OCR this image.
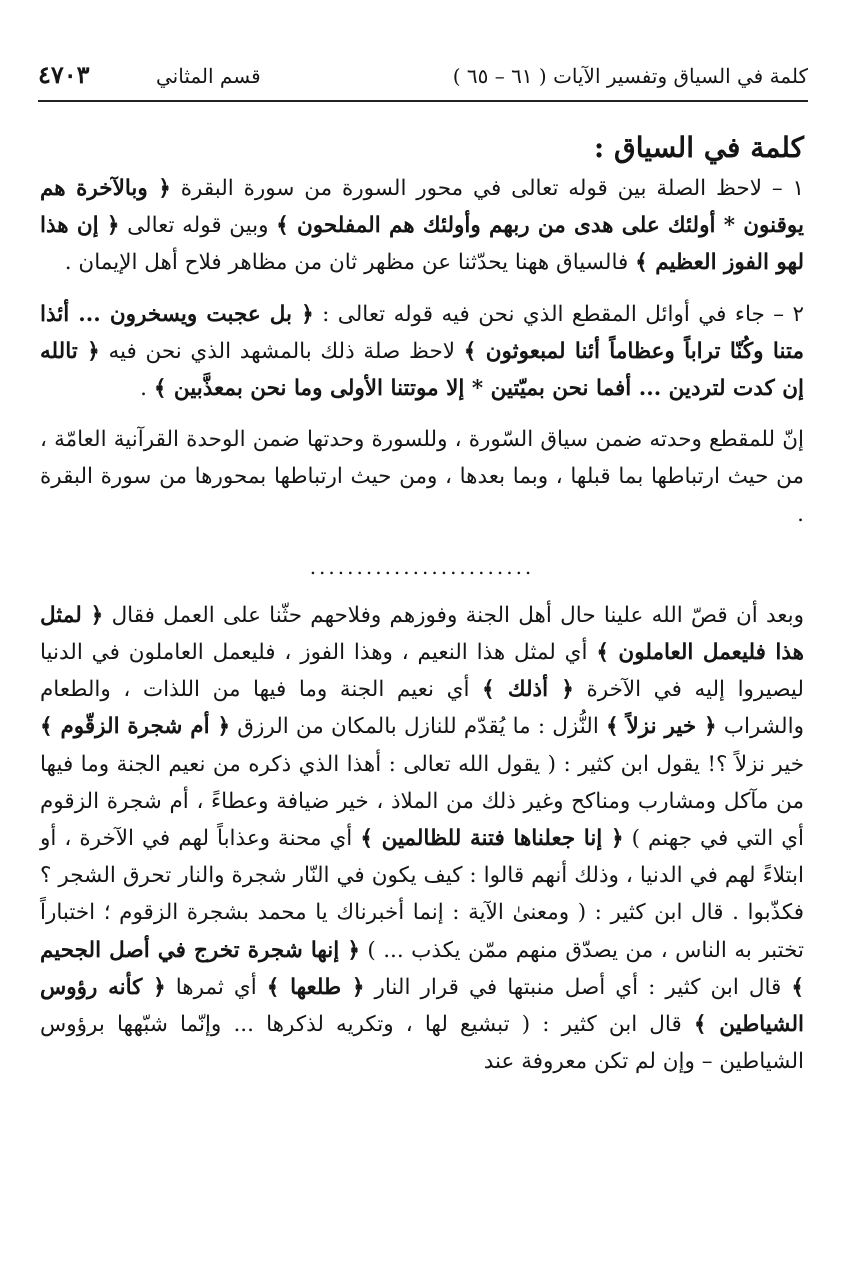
كلمة في السياق وتفسير الآيات ( ٦١ – ٦٥ )
قسم المثاني
٤٧٠٣

كلمة في السياق :

١ – لاحظ الصلة بين قوله تعالى في محور السورة من سورة البقرة ﴿ وبالآخرة هم يوقنون * أولئك على هدى من ربهم وأولئك هم المفلحون ﴾ وبين قوله تعالى ﴿ إن هذا لهو الفوز العظيم ﴾ فالسياق ههنا يحدّثنا عن مظهر ثان من مظاهر فلاح أهل الإيمان .

٢ – جاء في أوائل المقطع الذي نحن فيه قوله تعالى : ﴿ بل عجبت ويسخرون ... أئذا متنا وكُنّا تراباً وعظاماً أئنا لمبعوثون ﴾ لاحظ صلة ذلك بالمشهد الذي نحن فيه ﴿ تالله إن كدت لتردين ... أفما نحن بميّتين * إلا موتتنا الأولى وما نحن بمعذَّبين ﴾ .

إنّ للمقطع وحدته ضمن سياق السّورة ، وللسورة وحدتها ضمن الوحدة القرآنية العامّة ، من حيث ارتباطها بما قبلها ، وبما بعدها ، ومن حيث ارتباطها بمحورها من سورة البقرة .

........................

وبعد أن قصّ الله علينا حال أهل الجنة وفوزهم وفلاحهم حثّنا على العمل فقال ﴿ لمثل هذا فليعمل العاملون ﴾ أي لمثل هذا النعيم ، وهذا الفوز ، فليعمل العاملون في الدنيا ليصيروا إليه في الآخرة ﴿ أذلك ﴾ أي نعيم الجنة وما فيها من اللذات ، والطعام والشراب ﴿ خير نزلاً ﴾ النُّزل : ما يُقدّم للنازل بالمكان من الرزق ﴿ أم شجرة الزقّوم ﴾ خير نزلاً ؟! يقول ابن كثير : ( يقول الله تعالى : أهذا الذي ذكره من نعيم الجنة وما فيها من مآكل ومشارب ومناكح وغير ذلك من الملاذ ، خير ضيافة وعطاءً ، أم شجرة الزقوم أي التي في جهنم ) ﴿ إنا جعلناها فتنة للظالمين ﴾ أي محنة وعذاباً لهم في الآخرة ، أو ابتلاءً لهم في الدنيا ، وذلك أنهم قالوا : كيف يكون في النّار شجرة والنار تحرق الشجر ؟ فكذّبوا . قال ابن كثير : ( ومعنىٰ الآية : إنما أخبرناك يا محمد بشجرة الزقوم ؛ اختباراً تختبر به الناس ، من يصدّق منهم ممّن يكذب ... ) ﴿ إنها شجرة تخرج في أصل الجحيم ﴾ قال ابن كثير : أي أصل منبتها في قرار النار ﴿ طلعها ﴾ أي ثمرها ﴿ كأنه رؤوس الشياطين ﴾ قال ابن كثير : ( تبشيع لها ، وتكريه لذكرها ... وإنّما شبّهها برؤوس الشياطين – وإن لم تكن معروفة عند
